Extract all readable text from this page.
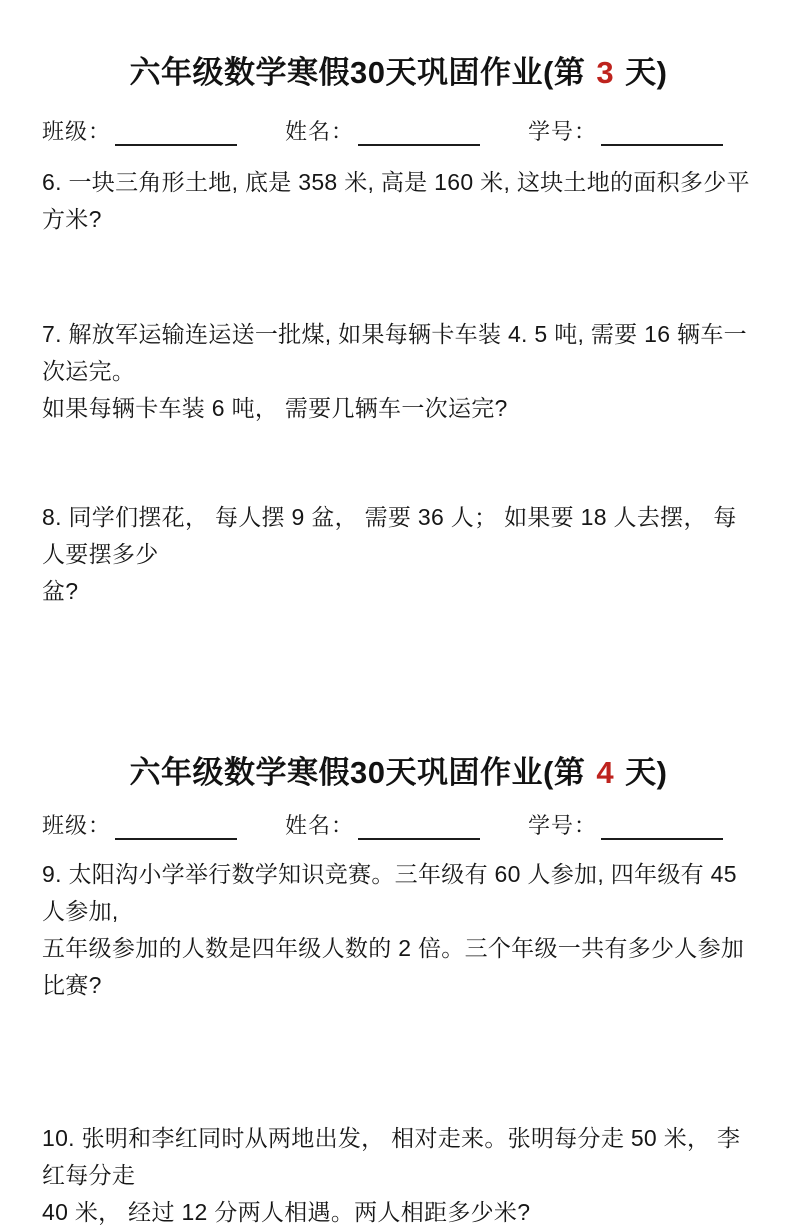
六年级数学寒假30天巩固作业(第 3 天)
班级：	姓名：	学号：
6. 一块三角形土地, 底是 358 米, 高是 160 米, 这块土地的面积多少平方米?
7. 解放军运输连运送一批煤, 如果每辆卡车装 4. 5 吨, 需要 16 辆车一次运完。
如果每辆卡车装 6 吨， 需要几辆车一次运完?
8. 同学们摆花， 每人摆 9 盆， 需要 36 人； 如果要 18 人去摆， 每人要摆多少
盆?
六年级数学寒假30天巩固作业(第 4 天)
班级：	姓名：	学号：
9. 太阳沟小学举行数学知识竞赛。三年级有 60 人参加, 四年级有 45 人参加,
五年级参加的人数是四年级人数的 2 倍。三个年级一共有多少人参加比赛?
10. 张明和李红同时从两地出发， 相对走来。张明每分走 50 米， 李红每分走
40 米， 经过 12 分两人相遇。两人相距多少米?
